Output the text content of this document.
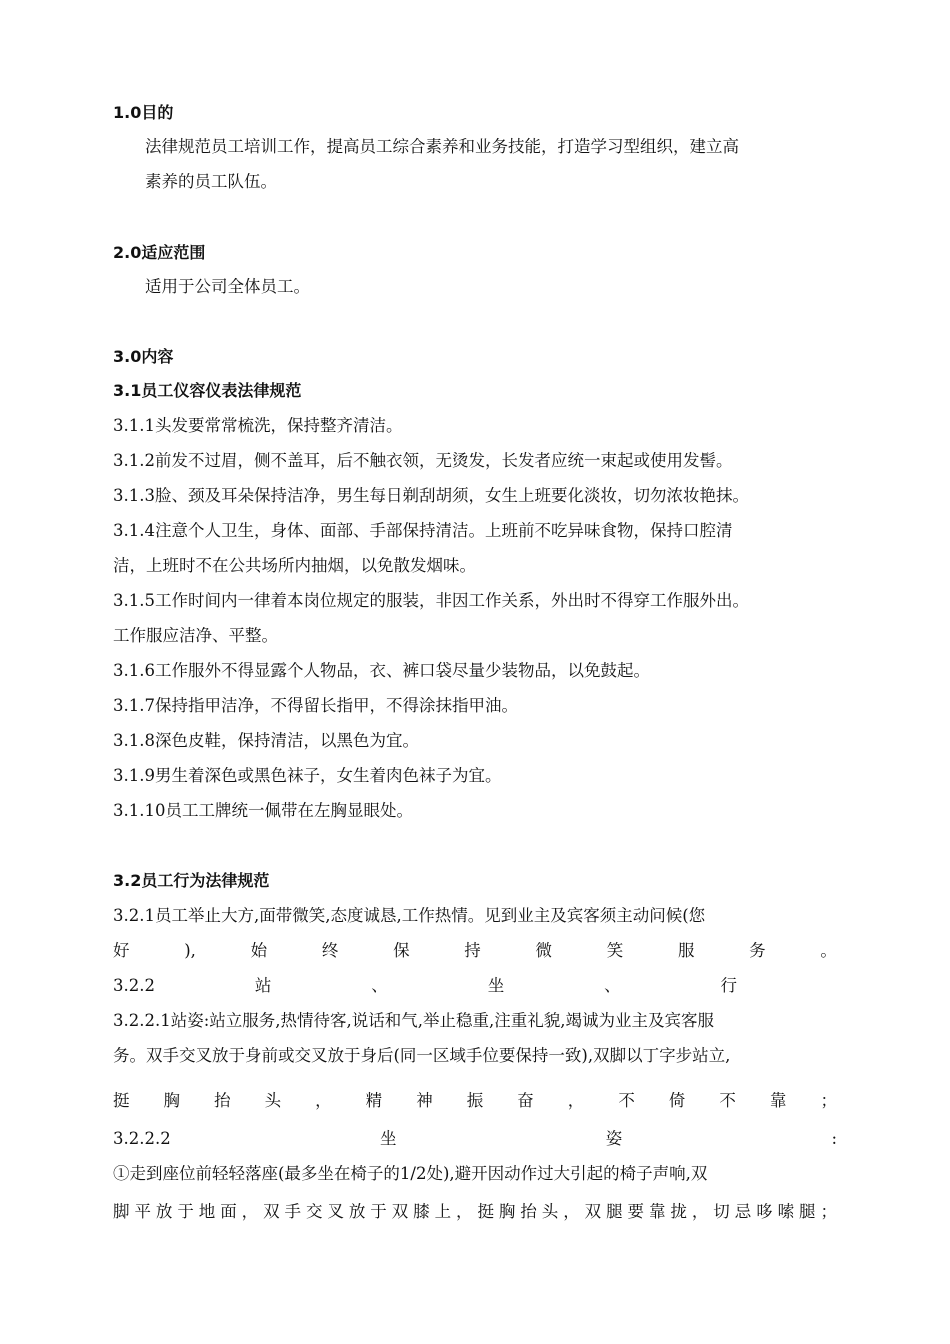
1.0目的
法律规范员工培训工作，提高员工综合素养和业务技能，打造学习型组织，建立高
素养的员工队伍。
2.0适应范围
适用于公司全体员工。
3.0内容
3.1员工仪容仪表法律规范
3.1.1头发要常常梳洗，保持整齐清洁。
3.1.2前发不过眉，侧不盖耳，后不触衣领，无烫发，长发者应统一束起或使用发髻。
3.1.3脸、颈及耳朵保持洁净，男生每日剃刮胡须，女生上班要化淡妆，切勿浓妆艳抹。
3.1.4注意个人卫生，身体、面部、手部保持清洁。上班前不吃异味食物，保持口腔清
洁，上班时不在公共场所内抽烟，以免散发烟味。
3.1.5工作时间内一律着本岗位规定的服装，非因工作关系，外出时不得穿工作服外出。
工作服应洁净、平整。
3.1.6工作服外不得显露个人物品，衣、裤口袋尽量少装物品，以免鼓起。
3.1.7保持指甲洁净，不得留长指甲，不得涂抹指甲油。
3.1.8深色皮鞋，保持清洁，以黑色为宜。
3.1.9男生着深色或黑色袜子，女生着肉色袜子为宜。
3.1.10员工工牌统一佩带在左胸显眼处。
3.2员工行为法律规范
3.2.1员工举止大方,面带微笑,态度诚恳,工作热情。见到业主及宾客须主动问候(您
好	),	始	终	保	持	微	笑	服	务	。
3.2.2	站	、	坐	、	行
3.2.2.1站姿:站立服务,热情待客,说话和气,举止稳重,注重礼貌,竭诚为业主及宾客服
务。双手交叉放于身前或交叉放于身后(同一区域手位要保持一致),双脚以丁字步站立,
挺 胸 抬 头 ， 精 神 振 奋 ， 不 倚 不 靠 ；
3.2.2.2	坐	姿	:
①走到座位前轻轻落座(最多坐在椅子的1/2处),避开因动作过大引起的椅子声响,双
脚 平 放 于 地 面 ， 双 手 交 叉 放 于 双 膝 上 ， 挺 胸 抬 头 ， 双 腿 要 靠 拢 ， 切 忌 哆 嗦 腿 ；
